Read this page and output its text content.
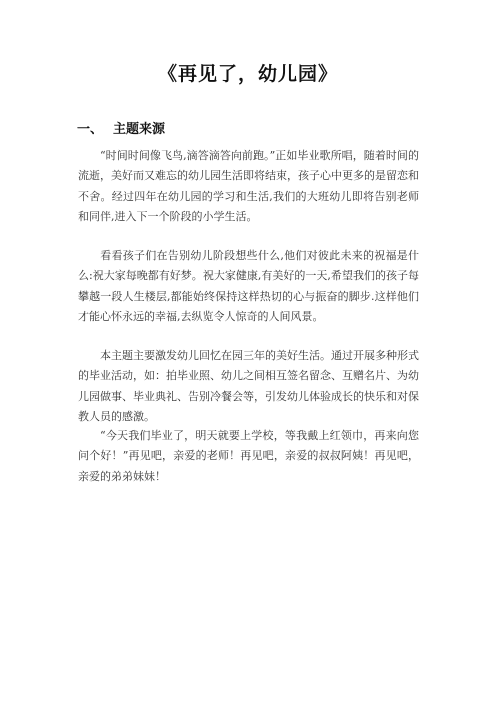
《再见了，幼儿园》
一、 主题来源

“时间时间像飞鸟,滴答滴答向前跑。”正如毕业歌所唱，随着时间的流逝，美好而又难忘的幼儿园生活即将结束，孩子心中更多的是留恋和不舍。经过四年在幼儿园的学习和生活,我们的大班幼儿即将告别老师和同伴,进入下一个阶段的小学生活。

看看孩子们在告别幼儿阶段想些什么,他们对彼此未来的祝福是什么:祝大家每晚都有好梦。祝大家健康,有美好的一天,希望我们的孩子每攀越一段人生楼层,都能始终保持这样热切的心与振奋的脚步.这样他们才能心怀永远的幸福,去纵览令人惊奇的人间风景。

本主题主要激发幼儿回忆在园三年的美好生活。通过开展多种形式的毕业活动，如：拍毕业照、幼儿之间相互签名留念、互赠名片、为幼儿园做事、毕业典礼、告别冷餐会等，引发幼儿体验成长的快乐和对保教人员的感激。

“今天我们毕业了，明天就要上学校，等我戴上红领巾，再来向您问个好！”再见吧，亲爱的老师！再见吧，亲爱的叔叔阿姨！再见吧，亲爱的弟弟妹妹！
